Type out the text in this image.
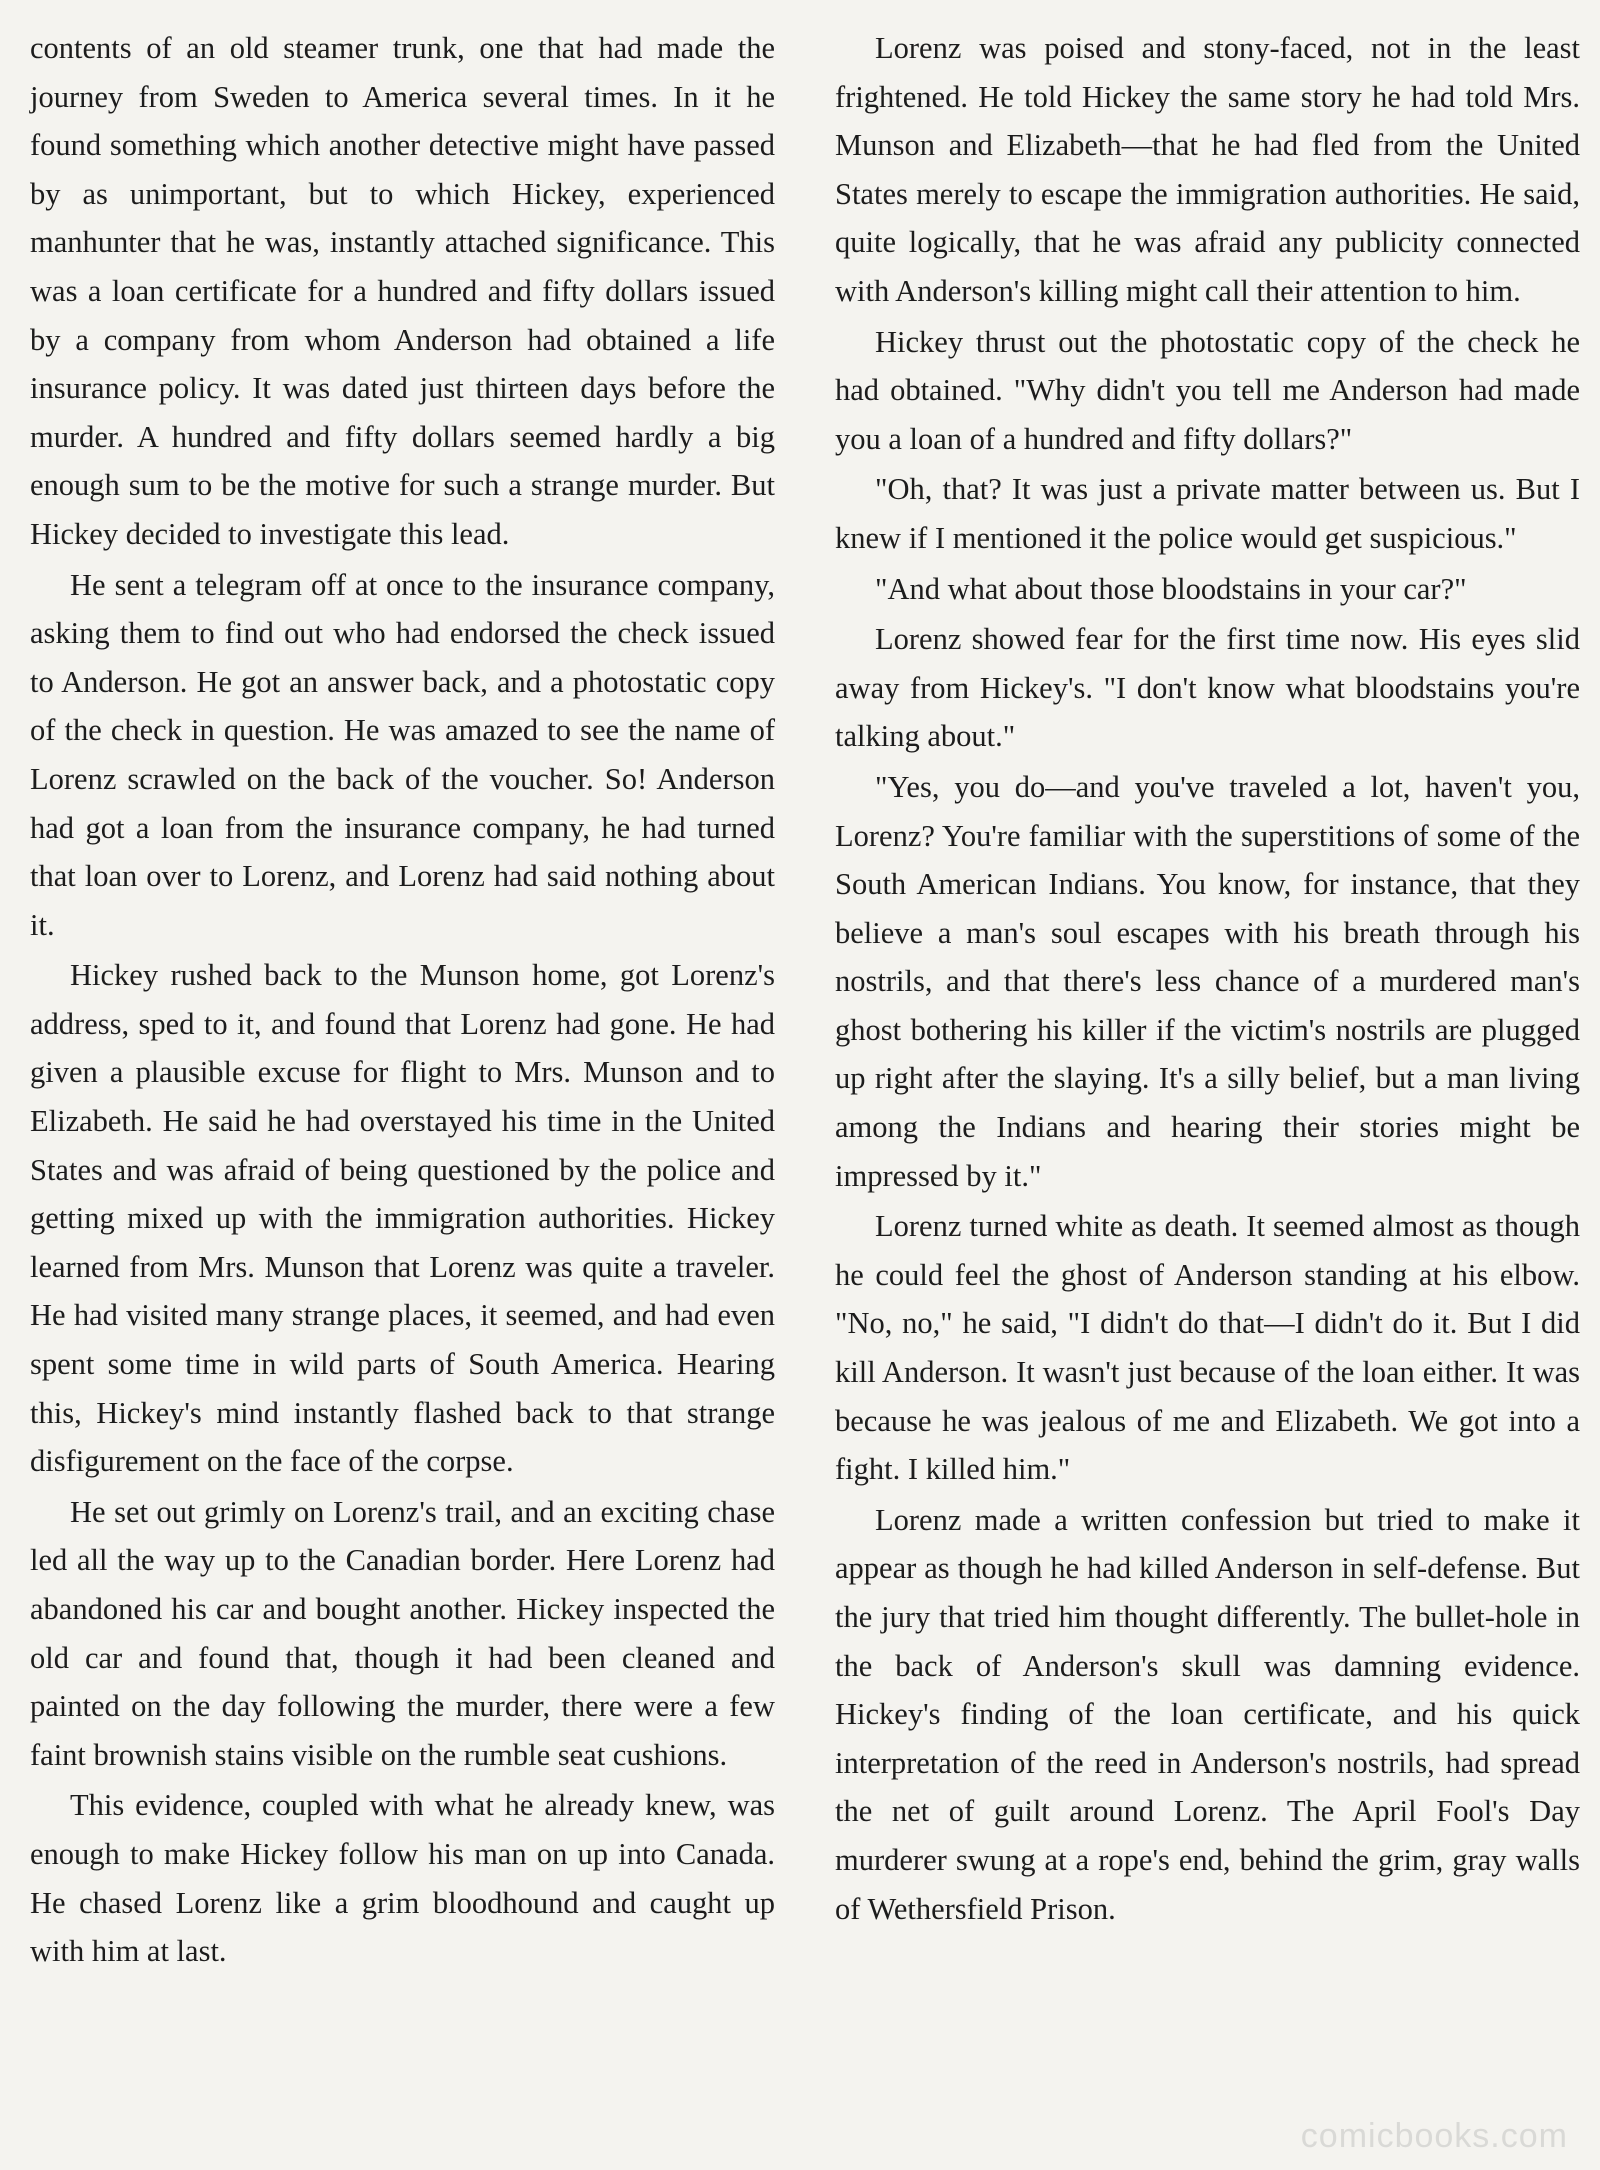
contents of an old steamer trunk, one that had made the journey from Sweden to America several times. In it he found something which another detective might have passed by as unimportant, but to which Hickey, experienced manhunter that he was, instantly attached significance. This was a loan certificate for a hundred and fifty dollars issued by a company from whom Anderson had obtained a life insurance policy. It was dated just thirteen days before the murder. A hundred and fifty dollars seemed hardly a big enough sum to be the motive for such a strange murder. But Hickey decided to investigate this lead.

He sent a telegram off at once to the insurance company, asking them to find out who had endorsed the check issued to Anderson. He got an answer back, and a photostatic copy of the check in question. He was amazed to see the name of Lorenz scrawled on the back of the voucher. So! Anderson had got a loan from the insurance company, he had turned that loan over to Lorenz, and Lorenz had said nothing about it.

Hickey rushed back to the Munson home, got Lorenz's address, sped to it, and found that Lorenz had gone. He had given a plausible excuse for flight to Mrs. Munson and to Elizabeth. He said he had overstayed his time in the United States and was afraid of being questioned by the police and getting mixed up with the immigration authorities. Hickey learned from Mrs. Munson that Lorenz was quite a traveler. He had visited many strange places, it seemed, and had even spent some time in wild parts of South America. Hearing this, Hickey's mind instantly flashed back to that strange disfigurement on the face of the corpse.

He set out grimly on Lorenz's trail, and an exciting chase led all the way up to the Canadian border. Here Lorenz had abandoned his car and bought another. Hickey inspected the old car and found that, though it had been cleaned and painted on the day following the murder, there were a few faint brownish stains visible on the rumble seat cushions.

This evidence, coupled with what he already knew, was enough to make Hickey follow his man on up into Canada. He chased Lorenz like a grim bloodhound and caught up with him at last.

Lorenz was poised and stony-faced, not in the least frightened. He told Hickey the same story he had told Mrs. Munson and Elizabeth—that he had fled from the United States merely to escape the immigration authorities. He said, quite logically, that he was afraid any publicity connected with Anderson's killing might call their attention to him.

Hickey thrust out the photostatic copy of the check he had obtained. "Why didn't you tell me Anderson had made you a loan of a hundred and fifty dollars?"

"Oh, that? It was just a private matter between us. But I knew if I mentioned it the police would get suspicious."

"And what about those bloodstains in your car?"

Lorenz showed fear for the first time now. His eyes slid away from Hickey's. "I don't know what bloodstains you're talking about."

"Yes, you do—and you've traveled a lot, haven't you, Lorenz? You're familiar with the superstitions of some of the South American Indians. You know, for instance, that they believe a man's soul escapes with his breath through his nostrils, and that there's less chance of a murdered man's ghost bothering his killer if the victim's nostrils are plugged up right after the slaying. It's a silly belief, but a man living among the Indians and hearing their stories might be impressed by it."

Lorenz turned white as death. It seemed almost as though he could feel the ghost of Anderson standing at his elbow. "No, no," he said, "I didn't do that—I didn't do it. But I did kill Anderson. It wasn't just because of the loan either. It was because he was jealous of me and Elizabeth. We got into a fight. I killed him."

Lorenz made a written confession but tried to make it appear as though he had killed Anderson in self-defense. But the jury that tried him thought differently. The bullet-hole in the back of Anderson's skull was damning evidence. Hickey's finding of the loan certificate, and his quick interpretation of the reed in Anderson's nostrils, had spread the net of guilt around Lorenz. The April Fool's Day murderer swung at a rope's end, behind the grim, gray walls of Wethersfield Prison.

comicbooks.com
